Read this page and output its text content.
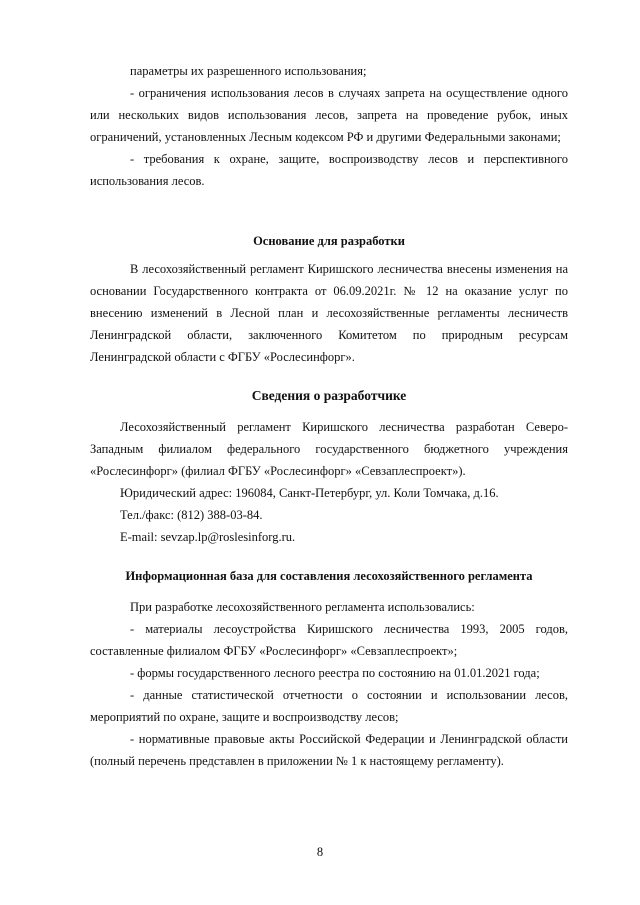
параметры их разрешенного использования;

- ограничения использования лесов в случаях запрета на осуществление одного или нескольких видов использования лесов, запрета на проведение рубок, иных ограничений, установленных Лесным кодексом РФ и другими Федеральными законами;

- требования к охране, защите, воспроизводству лесов и перспективного использования лесов.

Основание для разработки

В лесохозяйственный регламент Киришского лесничества внесены изменения на основании Государственного контракта от 06.09.2021г. № 12 на оказание услуг по внесению изменений в Лесной план и лесохозяйственные регламенты лесничеств Ленинградской области, заключенного Комитетом по природным ресурсам Ленинградской области с ФГБУ «Рослесинфорг».

Сведения о разработчике

Лесохозяйственный регламент Киришского лесничества разработан Северо-Западным филиалом федерального государственного бюджетного учреждения «Рослесинфорг» (филиал ФГБУ «Рослесинфорг» «Севзаплеспроект»).

Юридический адрес: 196084, Санкт-Петербург, ул. Коли Томчака, д.16.

Тел./факс: (812) 388-03-84.

E-mail: sevzap.lp@roslesinforg.ru.

Информационная база для составления лесохозяйственного регламента

При разработке лесохозяйственного регламента использовались:

- материалы лесоустройства Киришского лесничества 1993, 2005 годов, составленные филиалом ФГБУ «Рослесинфорг» «Севзаплеспроект»;

- формы государственного лесного реестра по состоянию на 01.01.2021 года;

- данные статистической отчетности о состоянии и использовании лесов, мероприятий по охране, защите и воспроизводству лесов;

- нормативные правовые акты Российской Федерации и Ленинградской области (полный перечень представлен в приложении № 1 к настоящему регламенту).

8
